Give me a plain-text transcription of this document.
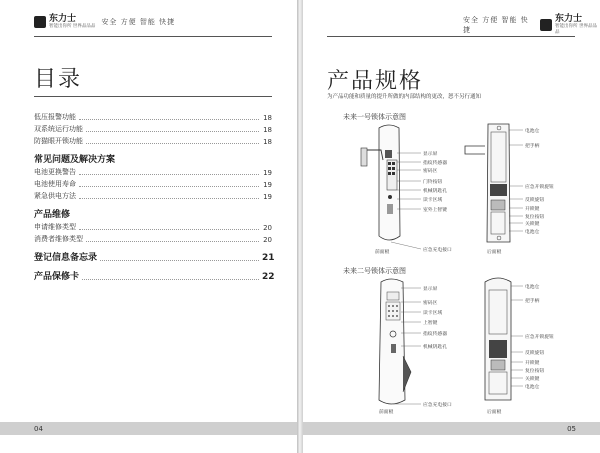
东力士
智能出你所 世界品品品
安全 方便 智能 快捷
目录
低压报警功能	18
双系统运行功能	18
防猫眼开锁功能	18
常见问题及解决方案
电池更换警告	19
电池使用寿命	19
紧急供电方法	19
产品维修
申请维修类型	20
消费者维修类型	20
登记信息备忘录	21
产品保修卡	22
04
安全 方便 智能 快捷
东力士
智能出你所 世界品品品
产品规格
为产品功能和质量的提升所做的内部结构的更改，恕不另行通知
未来一号锁体示意图
显示屏
指纹传感器
密码区
门铃按钮
机械钥匙孔
读卡区域
室外上智键
前面板	应急充电接口	后面板
电池仓
把手柄
应急开锁旋钮
反锁旋钮
开锁键
复位按钮
关锁键
电池仓
未来二号锁体示意图
显示屏
密码区
读卡区域
上智键
指纹传感器
机械钥匙孔
应急充电接口
前面板	后面板
电池仓
把手柄
应急开锁旋钮
反锁旋钮
开锁键
复位按钮
关锁键
电池仓
05
